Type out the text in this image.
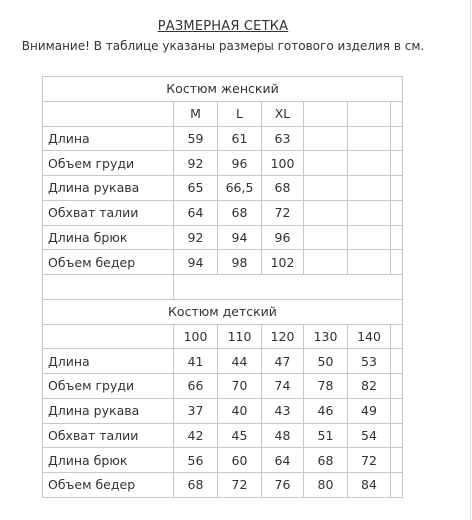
РАЗМЕРНАЯ СЕТКА
Внимание! В таблице указаны размеры готового изделия в см.
Костюм женский						
	M	L	XL			
Длина	59	61	63			
Объем груди	92	96	100			
Длина рукава	65	66,5	68			
Обхват талии	64	68	72			
Длина брюк	92	94	96			
Объем бедер	94	98	102			

Костюм детский						
	100	110	120	130	140	
Длина	41	44	47	50	53	
Объем груди	66	70	74	78	82	
Длина рукава	37	40	43	46	49	
Обхват талии	42	45	48	51	54	
Длина брюк	56	60	64	68	72	
Объем бедер	68	72	76	80	84	
